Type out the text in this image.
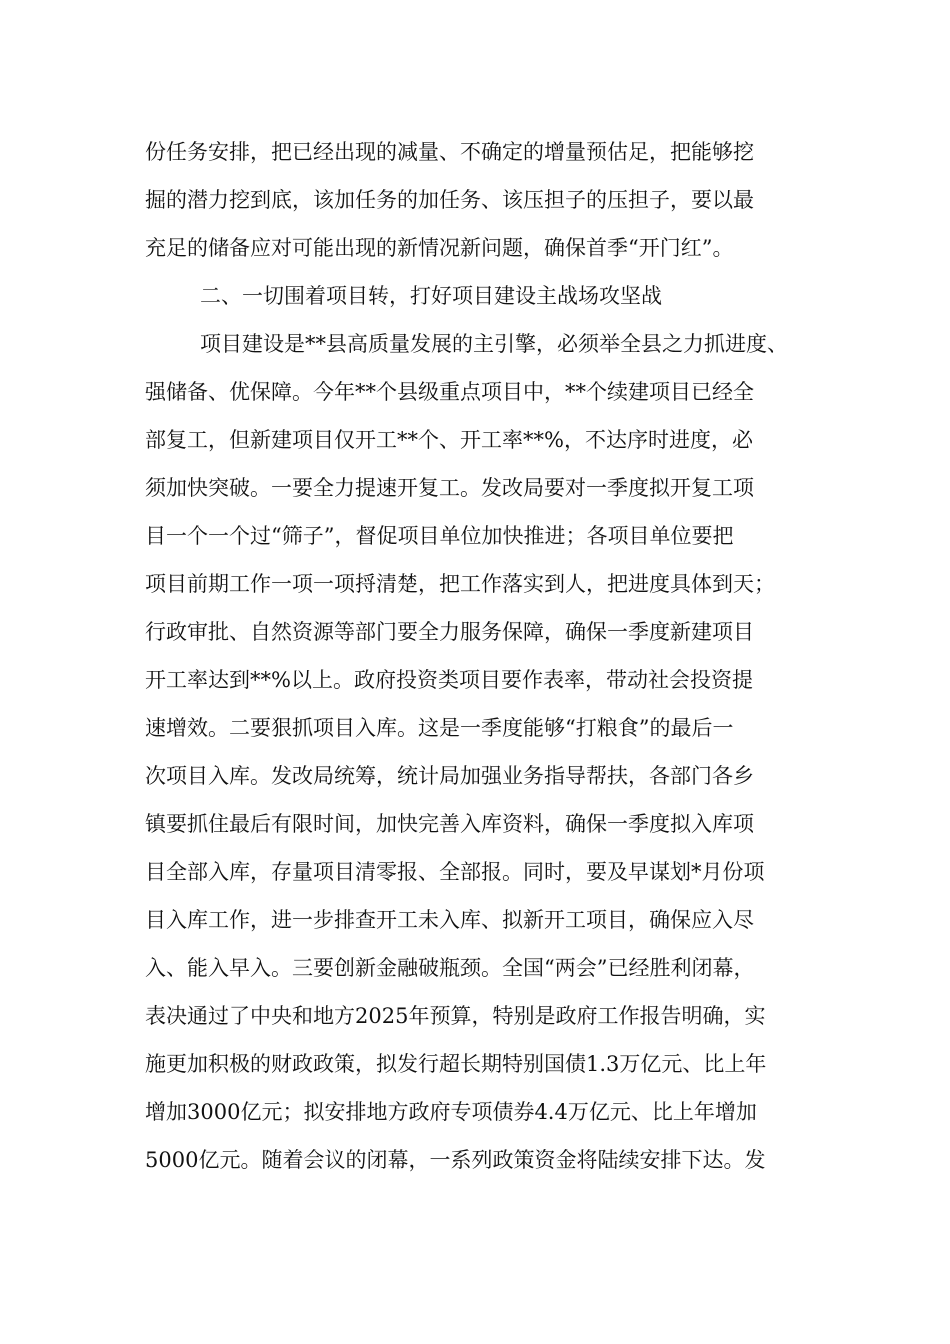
份任务安排，把已经出现的减量、不确定的增量预估足，把能够挖
掘的潜力挖到底，该加任务的加任务、该压担子的压担子，要以最
充足的储备应对可能出现的新情况新问题，确保首季“开门红”。
二、一切围着项目转，打好项目建设主战场攻坚战
项目建设是**县高质量发展的主引擎，必须举全县之力抓进度、
强储备、优保障。今年**个县级重点项目中，**个续建项目已经全
部复工，但新建项目仅开工**个、开工率**%，不达序时进度，必
须加快突破。一要全力提速开复工。发改局要对一季度拟开复工项
目一个一个过“筛子”，督促项目单位加快推进；各项目单位要把
项目前期工作一项一项捋清楚，把工作落实到人，把进度具体到天；
行政审批、自然资源等部门要全力服务保障，确保一季度新建项目
开工率达到**%以上。政府投资类项目要作表率，带动社会投资提
速增效。二要狠抓项目入库。这是一季度能够“打粮食”的最后一
次项目入库。发改局统筹，统计局加强业务指导帮扶，各部门各乡
镇要抓住最后有限时间，加快完善入库资料，确保一季度拟入库项
目全部入库，存量项目清零报、全部报。同时，要及早谋划*月份项
目入库工作，进一步排查开工未入库、拟新开工项目，确保应入尽
入、能入早入。三要创新金融破瓶颈。全国“两会”已经胜利闭幕，
表决通过了中央和地方2025年预算，特别是政府工作报告明确，实
施更加积极的财政政策，拟发行超长期特别国债1.3万亿元、比上年
增加3000亿元；拟安排地方政府专项债券4.4万亿元、比上年增加
5000亿元。随着会议的闭幕，一系列政策资金将陆续安排下达。发
